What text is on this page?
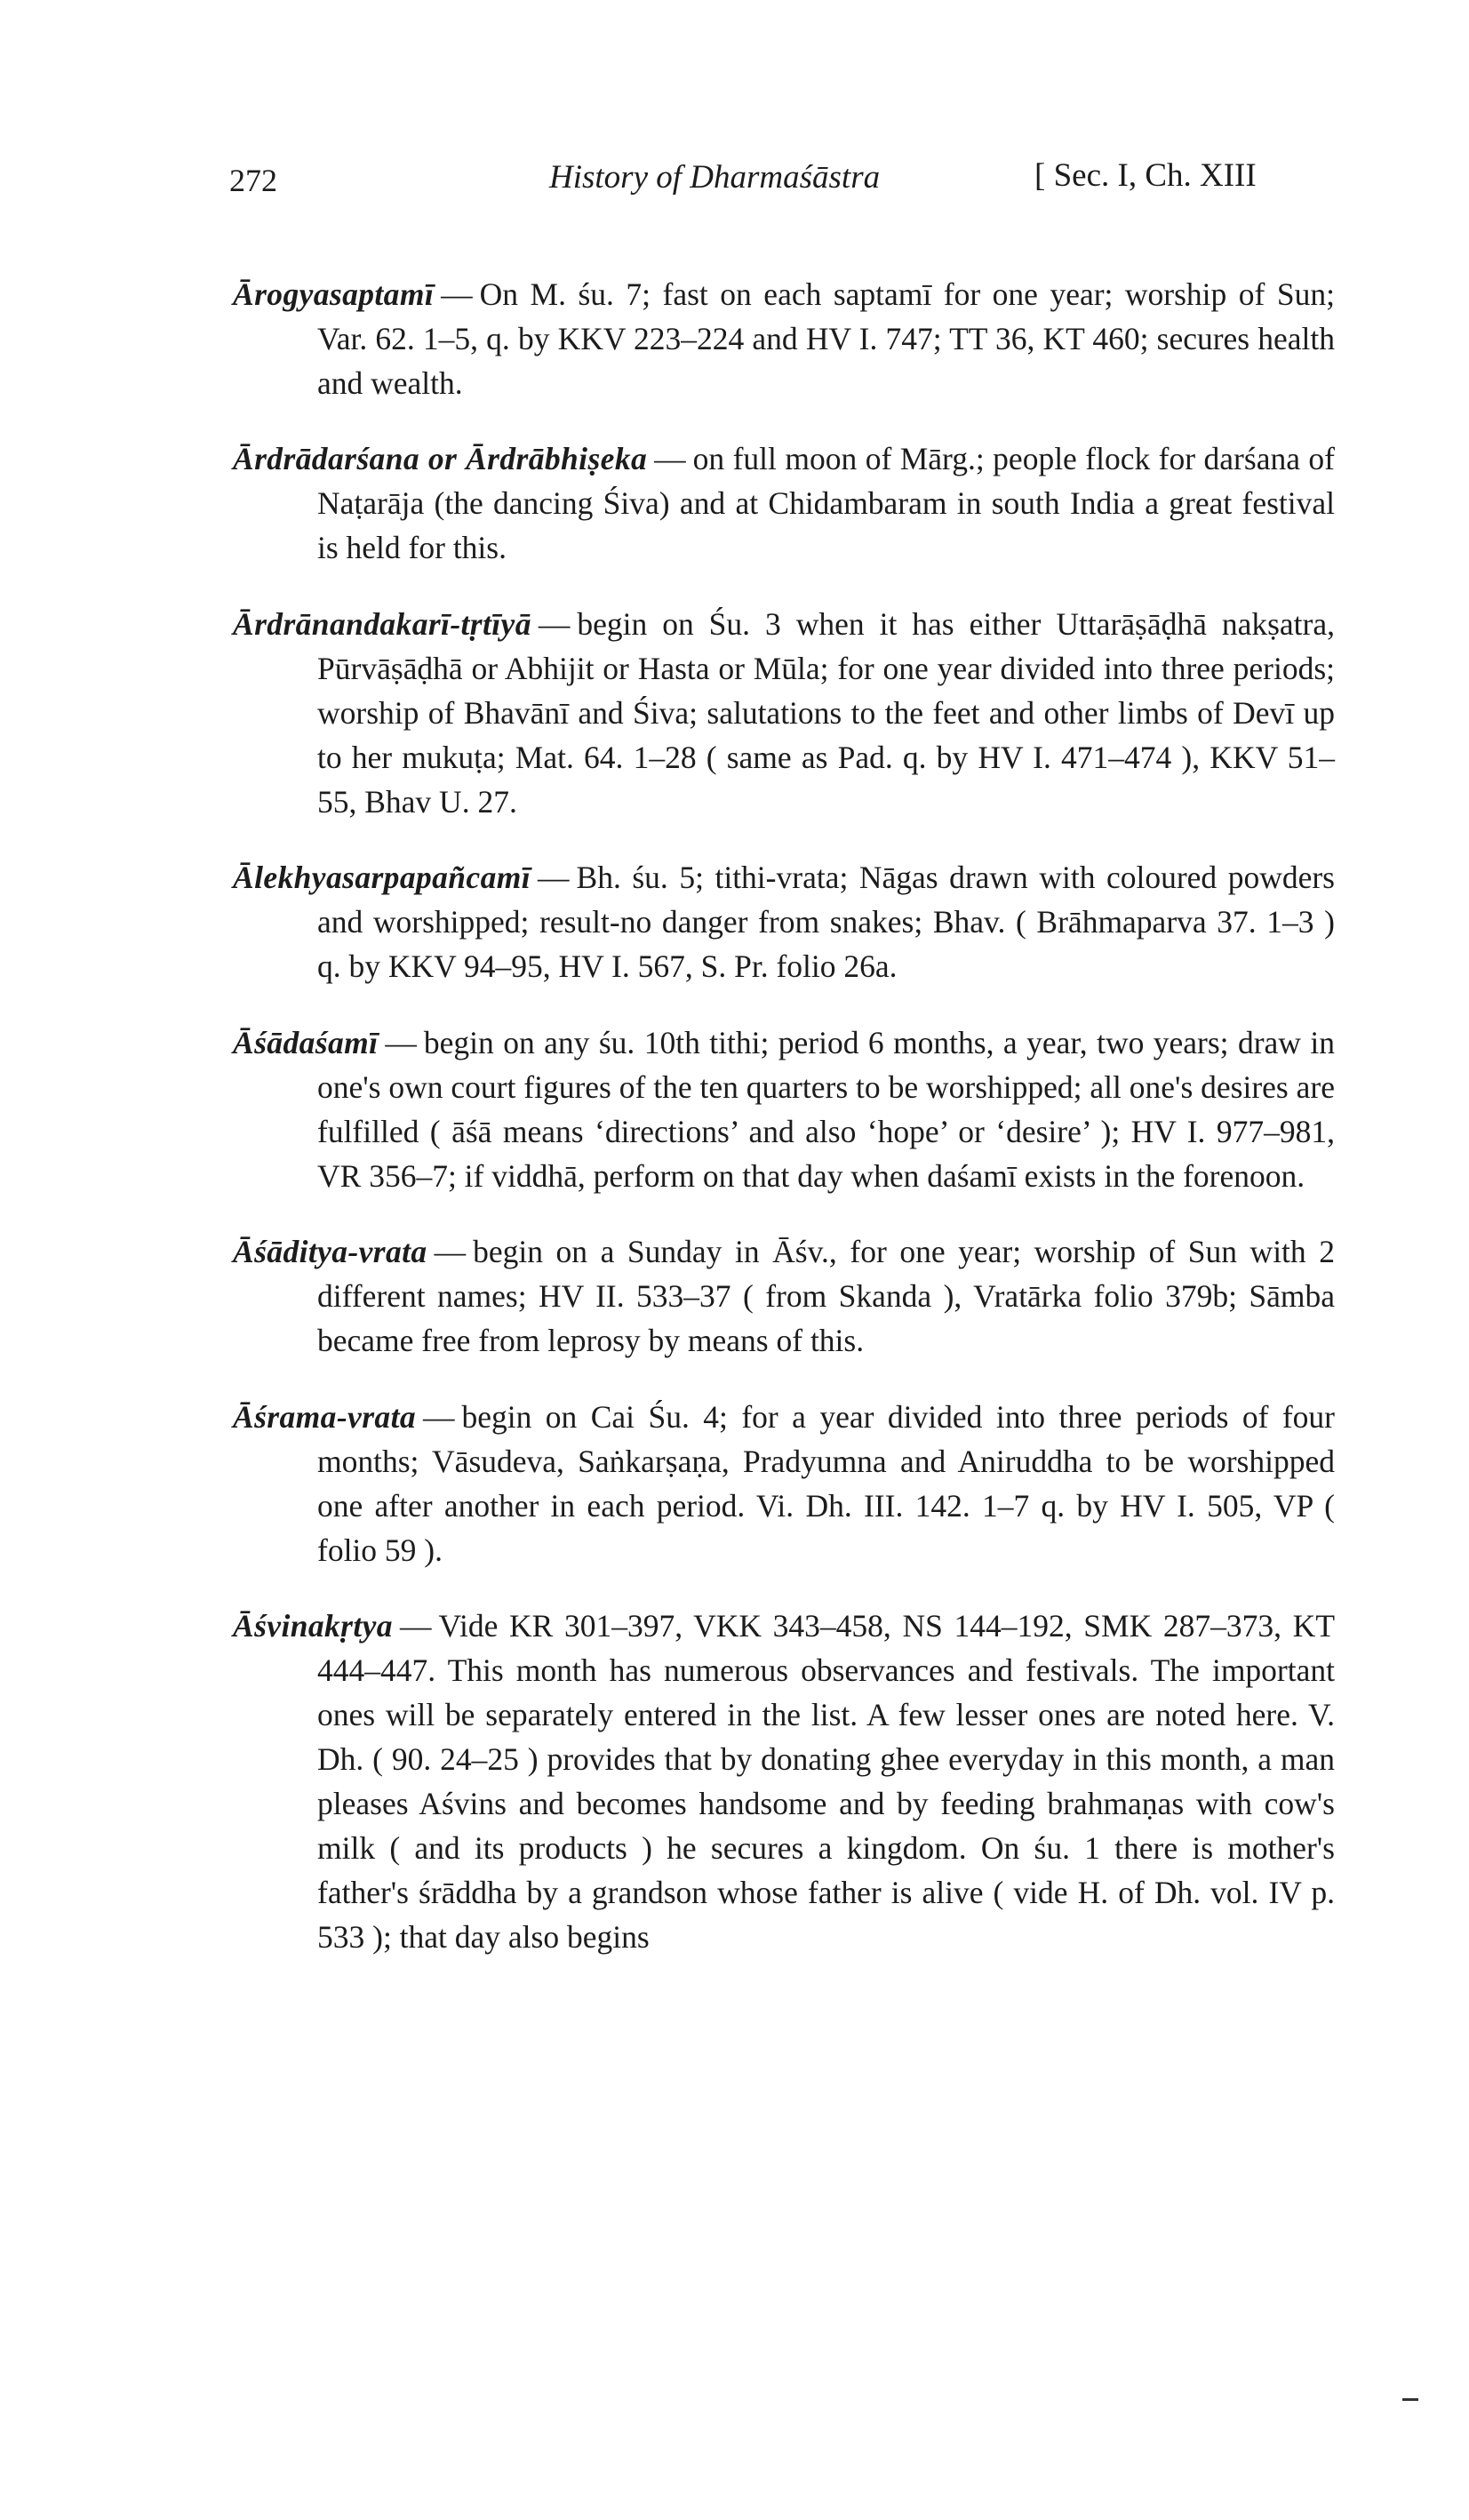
272	History of Dharmaśāstra	[ Sec. I, Ch. XIII

Ārogyasaptamī — On M. śu. 7; fast on each saptamī for one year; worship of Sun; Var. 62. 1–5, q. by KKV 223–224 and HV I. 747; TT 36, KT 460; secures health and wealth.

Ārdrādarśana or Ārdrābhiṣeka — on full moon of Mārg.; people flock for darśana of Naṭarāja (the dancing Śiva) and at Chidambaram in south India a great festival is held for this.

Ārdrānandakarī-tṛtīyā — begin on Śu. 3 when it has either Uttarāṣāḍhā nakṣatra, Pūrvāṣāḍhā or Abhijit or Hasta or Mūla; for one year divided into three periods; worship of Bhavānī and Śiva; salutations to the feet and other limbs of Devī up to her mukuṭa; Mat. 64. 1–28 ( same as Pad. q. by HV I. 471–474 ), KKV 51–55, Bhav U. 27.

Ālekhyasarpapañcamī — Bh. śu. 5; tithi-vrata; Nāgas drawn with coloured powders and worshipped; result-no danger from snakes; Bhav. ( Brāhmaparva 37. 1–3 ) q. by KKV 94–95, HV I. 567, S. Pr. folio 26a.

Āśādaśamī — begin on any śu. 10th tithi; period 6 months, a year, two years; draw in one's own court figures of the ten quarters to be worshipped; all one's desires are fulfilled ( āśā means ‘directions’ and also ‘hope’ or ‘desire’ ); HV I. 977–981, VR 356–7; if viddhā, perform on that day when daśamī exists in the forenoon.

Āśāditya-vrata — begin on a Sunday in Āśv., for one year; worship of Sun with 2 different names; HV II. 533–37 ( from Skanda ), Vratārka folio 379b; Sāmba became free from leprosy by means of this.

Āśrama-vrata — begin on Cai Śu. 4; for a year divided into three periods of four months; Vāsudeva, Saṅkarṣaṇa, Pradyumna and Aniruddha to be worshipped one after another in each period. Vi. Dh. III. 142. 1–7 q. by HV I. 505, VP ( folio 59 ).

Āśvinakṛtya — Vide KR 301–397, VKK 343–458, NS 144–192, SMK 287–373, KT 444–447. This month has numerous observances and festivals. The important ones will be separately entered in the list. A few lesser ones are noted here. V. Dh. ( 90. 24–25 ) provides that by donating ghee everyday in this month, a man pleases Aśvins and becomes handsome and by feeding brahmaṇas with cow's milk ( and its products ) he secures a kingdom. On śu. 1 there is mother's father's śrāddha by a grandson whose father is alive ( vide H. of Dh. vol. IV p. 533 ); that day also begins
